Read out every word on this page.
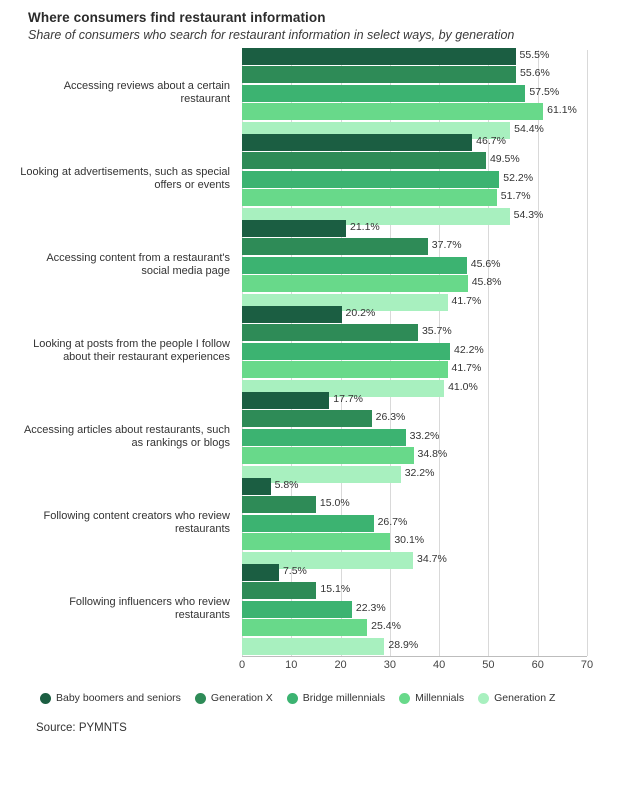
Where consumers find restaurant information
Share of consumers who search for restaurant information in select ways, by generation
Accessing reviews about a certain restaurant
Looking at advertisements, such as special offers or events
Accessing content from a restaurant's social media page
Looking at posts from the people I follow about their restaurant experiences
Accessing articles about restaurants, such as rankings or blogs
Following content creators who review restaurants
Following influencers who review restaurants
0	10	20	30	40	50	60	70
55.5%
55.6%
57.5%
61.1%
54.4%
46.7%
49.5%
52.2%
51.7%
54.3%
21.1%
37.7%
45.6%
45.8%
41.7%
20.2%
35.7%
42.2%
41.7%
41.0%
17.7%
26.3%
33.2%
34.8%
32.2%
5.8%
15.0%
26.7%
30.1%
34.7%
7.5%
15.1%
22.3%
25.4%
28.9%
Baby boomers and seniors	Generation X	Bridge millennials	Millennials	Generation Z
Source: PYMNTS
